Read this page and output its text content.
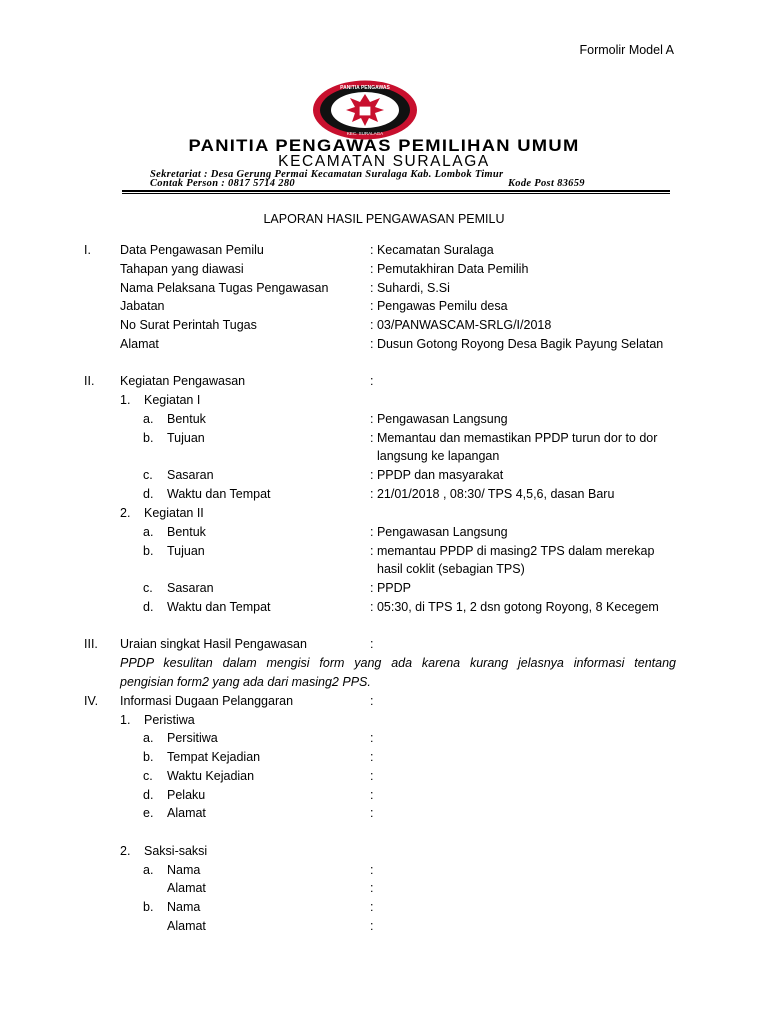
Formolir Model A
PANITIA PENGAWAS
KEC. SURALAGA
PANITIA PENGAWAS PEMILIHAN UMUM
KECAMATAN SURALAGA
Sekretariat : Desa Gerung Permai Kecamatan Suralaga Kab. Lombok Timur
Contak Person : 0817 5714 280	Kode Post 83659
LAPORAN HASIL PENGAWASAN PEMILU
I. Data Pengawasan Pemilu	: Kecamatan Suralaga
Tahapan yang diawasi	: Pemutakhiran Data Pemilih
Nama Pelaksana Tugas Pengawasan	: Suhardi, S.Si
Jabatan	: Pengawas Pemilu desa
No Surat Perintah Tugas	: 03/PANWASCAM-SRLG/I/2018
Alamat	: Dusun Gotong Royong Desa Bagik Payung Selatan
II. Kegiatan Pengawasan	:
1. Kegiatan I
a. Bentuk	: Pengawasan Langsung
b. Tujuan	: Memantau dan memastikan PPDP turun dor to dor
langsung ke lapangan
c. Sasaran	: PPDP dan masyarakat
d. Waktu dan Tempat	: 21/01/2018 , 08:30/ TPS 4,5,6, dasan Baru
2. Kegiatan II
a. Bentuk	: Pengawasan Langsung
b. Tujuan	: memantau PPDP di masing2 TPS dalam merekap
hasil coklit (sebagian TPS)
c. Sasaran	: PPDP
d. Waktu dan Tempat	: 05:30, di TPS 1, 2 dsn gotong Royong, 8 Kecegem
III. Uraian singkat Hasil Pengawasan	:
PPDP kesulitan dalam mengisi form yang ada karena kurang jelasnya informasi tentang
pengisian form2 yang ada dari masing2 PPS.
IV. Informasi Dugaan Pelanggaran	:
1. Peristiwa
a. Persitiwa	:
b. Tempat Kejadian	:
c. Waktu Kejadian	:
d. Pelaku	:
e. Alamat	:
2. Saksi-saksi
a. Nama	:
Alamat	:
b. Nama	:
Alamat	:
